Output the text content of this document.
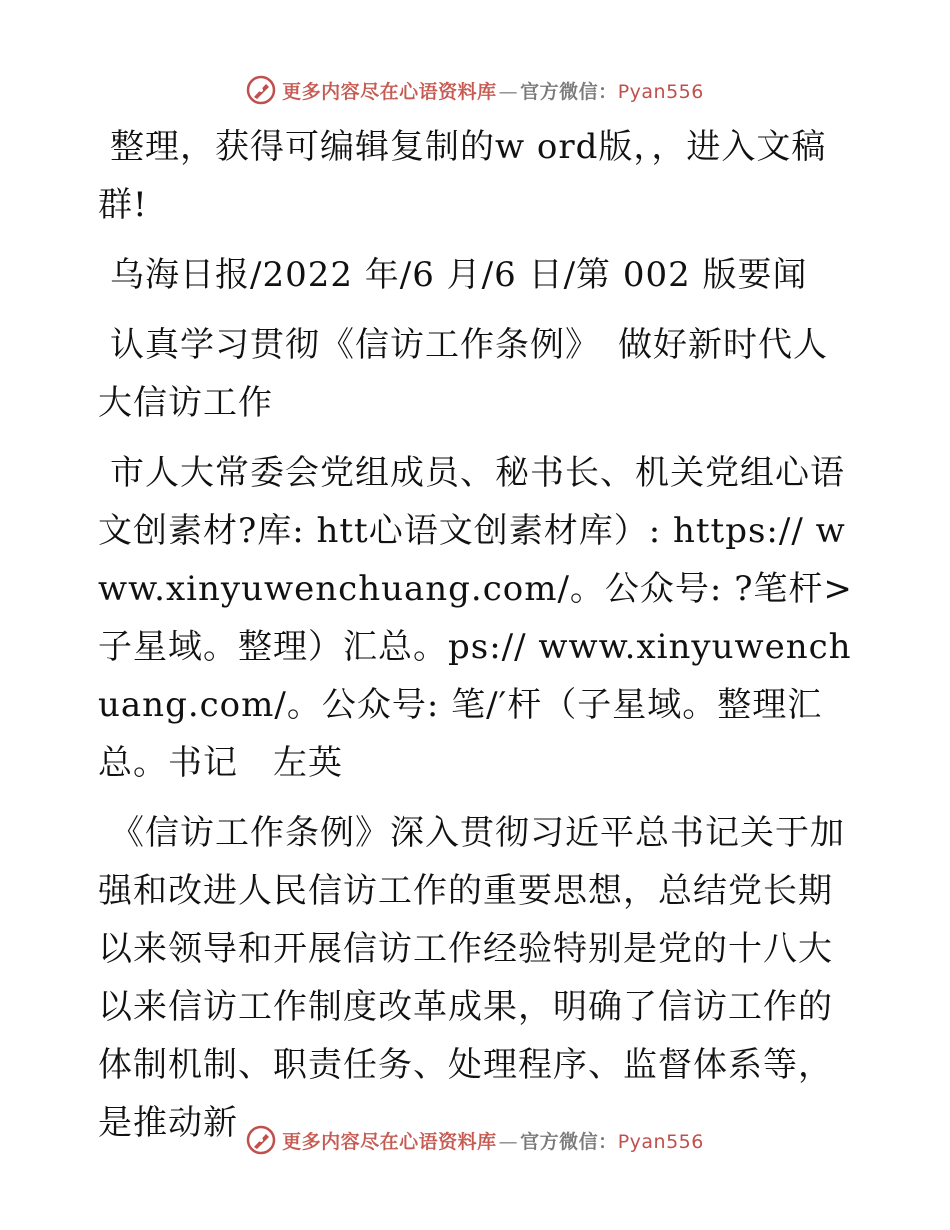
更多内容尽在心语资料库 — 官方微信：Pyan556

整理，获得可编辑复制的w ord版，，进入文稿群!

乌海日报/2022 年/6 月/6 日/第 002 版要闻

认真学习贯彻《信访工作条例》　做好新时代人大信访工作

市人大常委会党组成员、秘书长、机关党组心语文创素材?库: htt心语文创素材库）: https:// www.xinyuwenchuang.com/。公众号: ?笔杆>子星域。整理）汇总。ps:// www.xinyuwenchuang.com/。公众号: 笔/′杆（子星域。整理汇总。书记　左英

《信访工作条例》深入贯彻习近平总书记关于加强和改进人民信访工作的重要思想，总结党长期以来领导和开展信访工作经验特别是党的十八大以来信访工作制度改革成果，明确了信访工作的体制机制、职责任务、处理程序、监督体系等，是推动新	更多内容尽在心语资料库 — 官方微信：Pyan556
